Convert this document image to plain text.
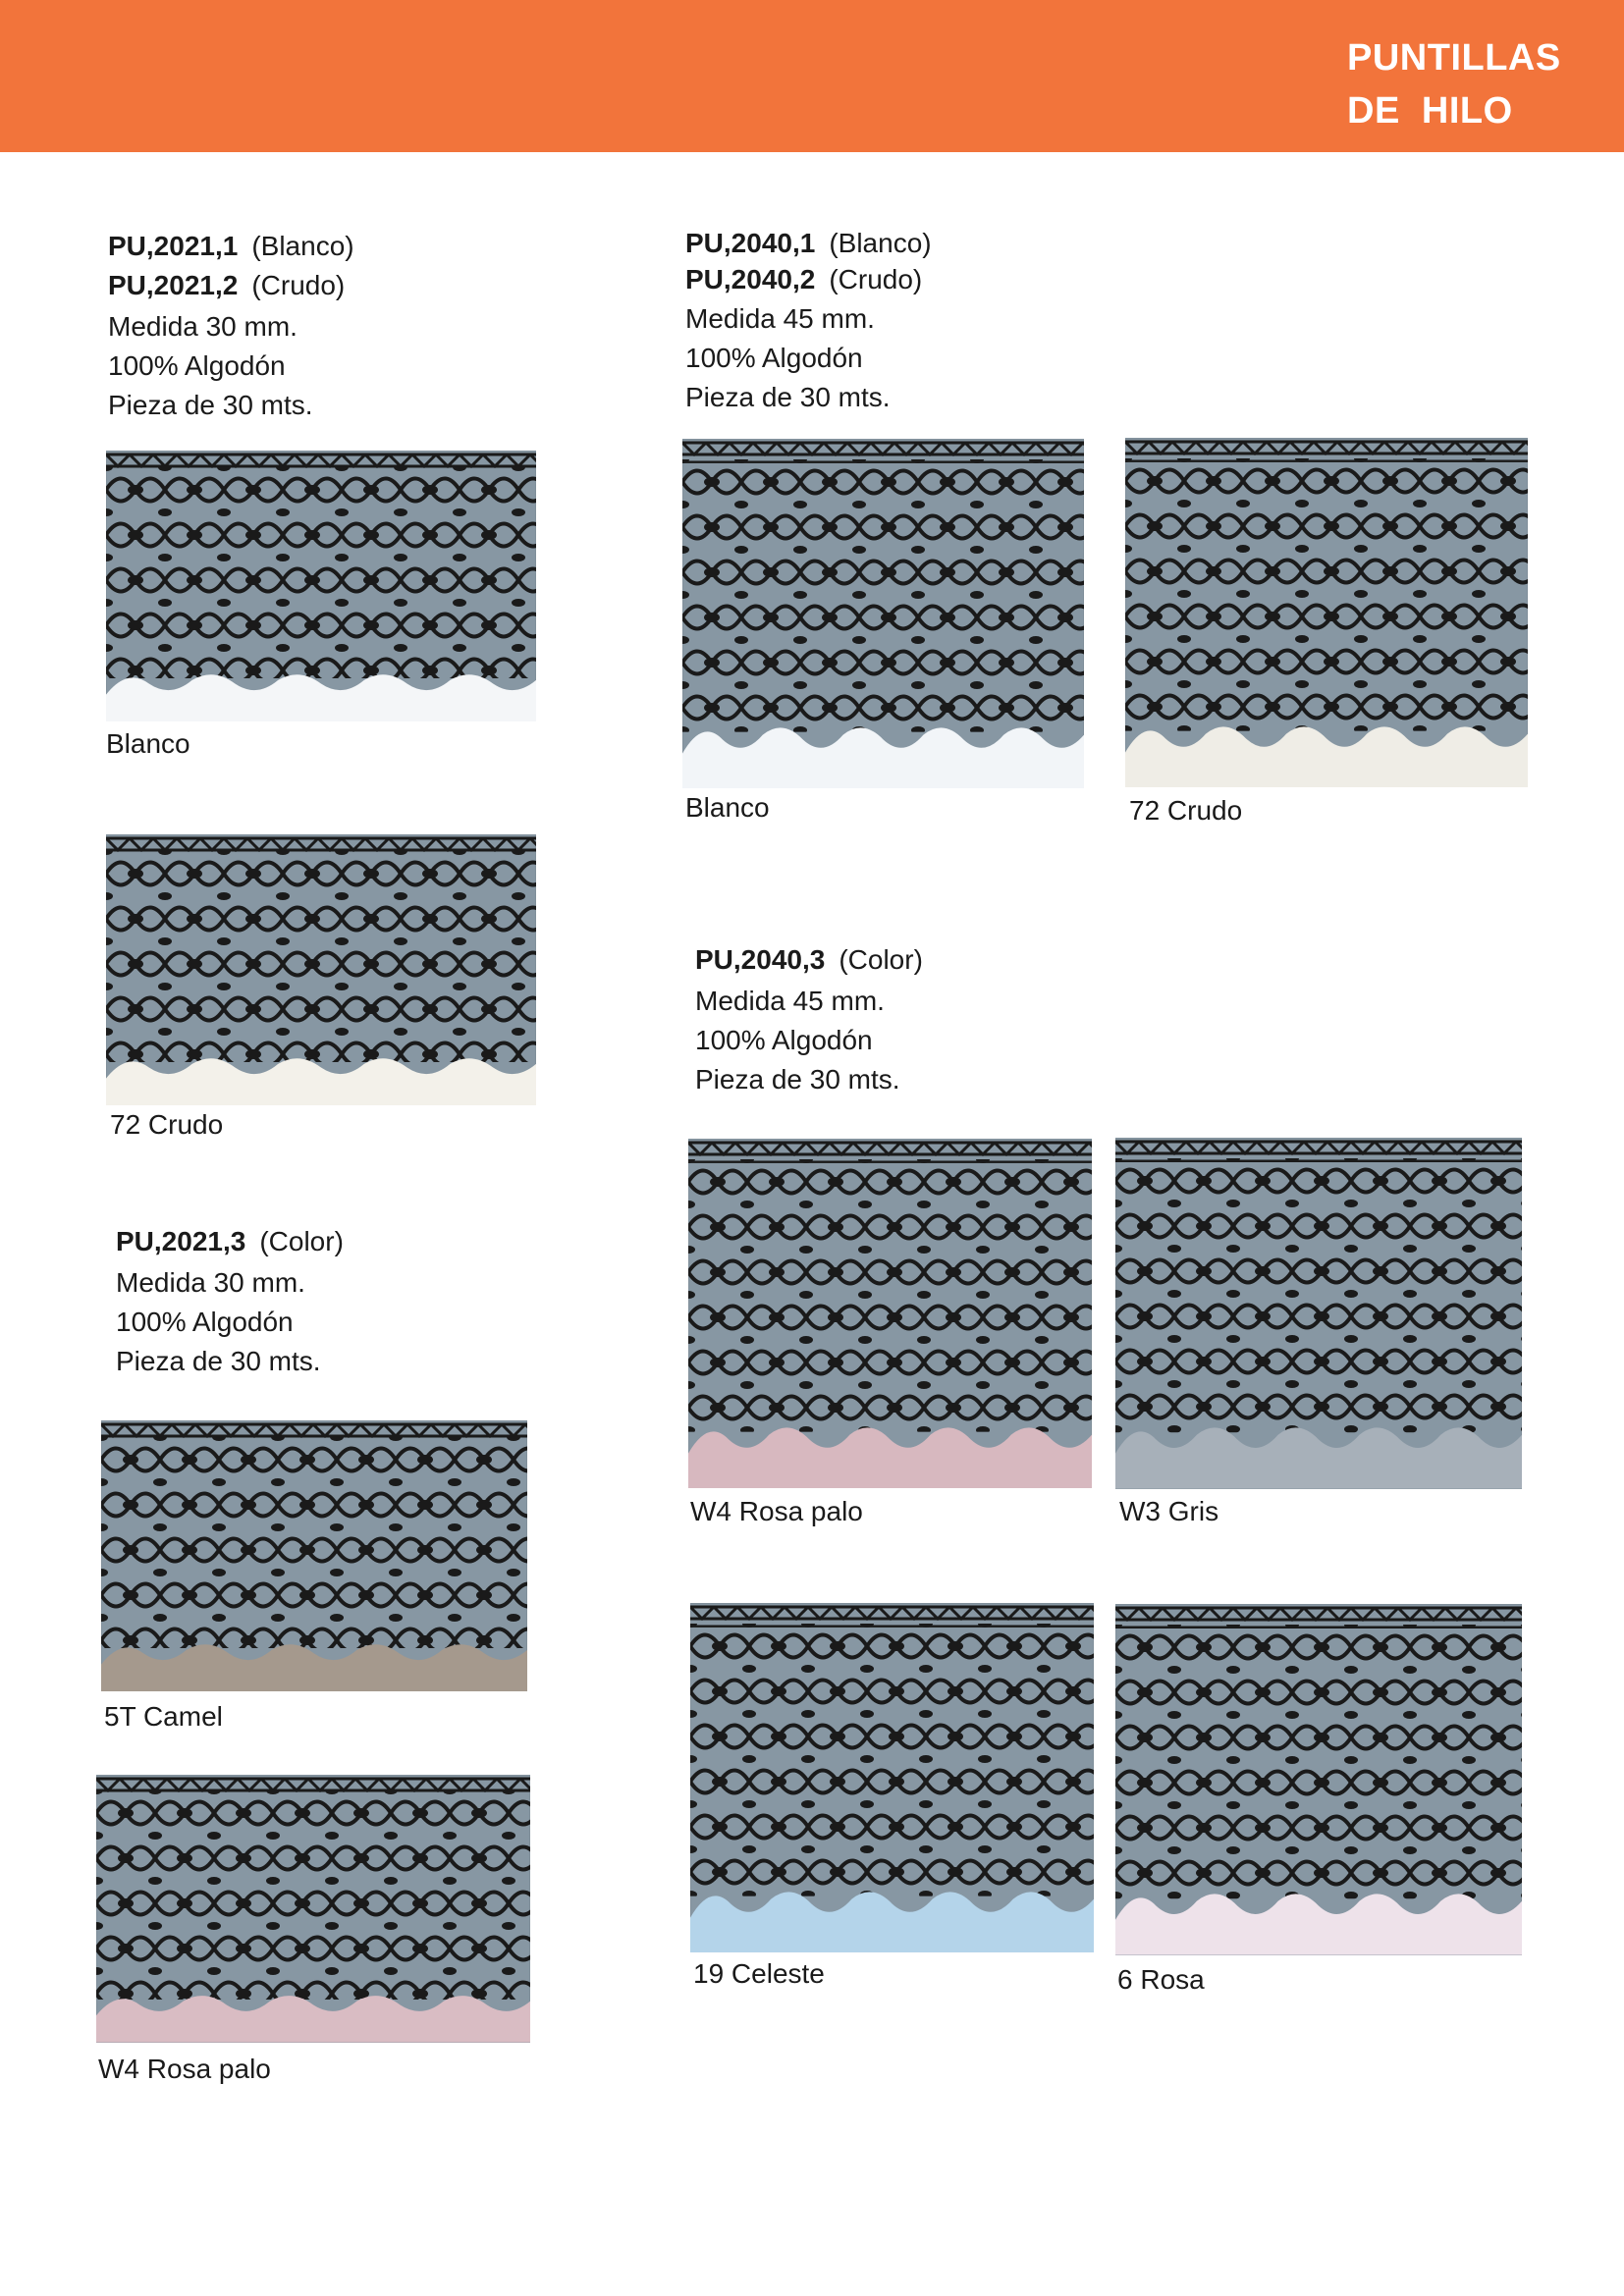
PUNTILLAS
DE  HILO
PU,2021,1 (Blanco)
PU,2021,2 (Crudo)
Medida 30 mm.
100% Algodón
Pieza de 30 mts.
Blanco
72 Crudo
PU,2021,3 (Color)
Medida 30 mm.
100% Algodón
Pieza de 30 mts.
5T Camel
W4 Rosa palo
PU,2040,1 (Blanco)
PU,2040,2 (Crudo)
Medida 45 mm.
100% Algodón
Pieza de 30 mts.
Blanco	72 Crudo
PU,2040,3 (Color)
Medida 45 mm.
100% Algodón
Pieza de 30 mts.
W4 Rosa palo	W3 Gris
19 Celeste	6 Rosa
